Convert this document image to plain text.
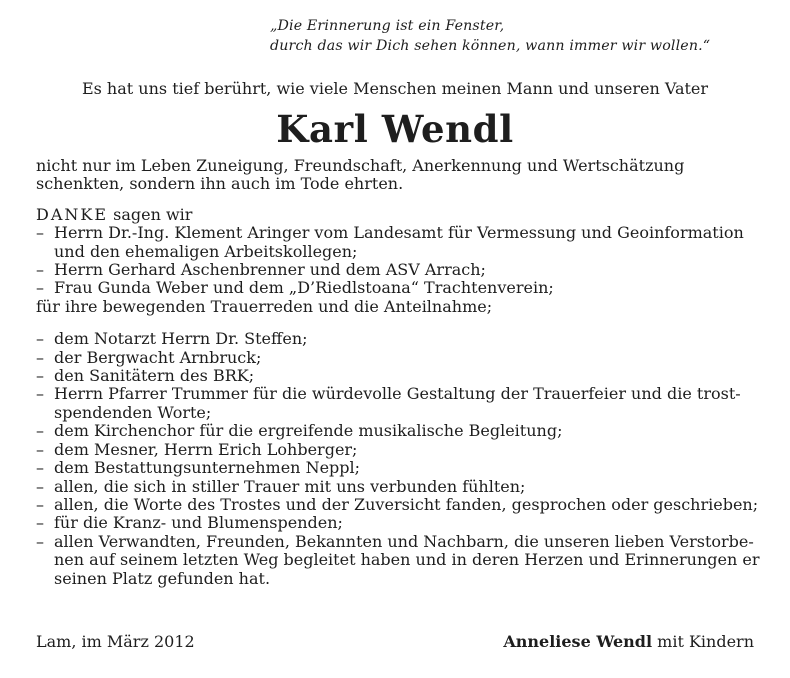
„Die Erinnerung ist ein Fenster,
durch das wir Dich sehen können, wann immer wir wollen.“
Es hat uns tief berührt, wie viele Menschen meinen Mann und unseren Vater
Karl Wendl

nicht nur im Leben Zuneigung, Freundschaft, Anerkennung und Wertschätzung

schenkten, sondern ihn auch im Tode ehrten.

DANKE sagen wir

– Herrn Dr.-Ing. Klement Aringer vom Landesamt für Vermessung und Geoinformation
und den ehemaligen Arbeitskollegen;
– Herrn Gerhard Aschenbrenner und dem ASV Arrach;
– Frau Gunda Weber und dem „D’Riedlstoana“ Trachtenverein;

für ihre bewegenden Trauerreden und die Anteilnahme;

– dem Notarzt Herrn Dr. Steffen;
– der Bergwacht Arnbruck;
– den Sanitätern des BRK;
– Herrn Pfarrer Trummer für die würdevolle Gestaltung der Trauerfeier und die trost-
spendenden Worte;
– dem Kirchenchor für die ergreifende musikalische Begleitung;
– dem Mesner, Herrn Erich Lohberger;
– dem Bestattungsunternehmen Neppl;
– allen, die sich in stiller Trauer mit uns verbunden fühlten;
– allen, die Worte des Trostes und der Zuversicht fanden, gesprochen oder geschrieben;
– für die Kranz- und Blumenspenden;
– allen Verwandten, Freunden, Bekannten und Nachbarn, die unseren lieben Verstorbe-
nen auf seinem letzten Weg begleitet haben und in deren Herzen und Erinnerungen er
seinen Platz gefunden hat.
Lam, im März 2012	Anneliese Wendl mit Kindern
